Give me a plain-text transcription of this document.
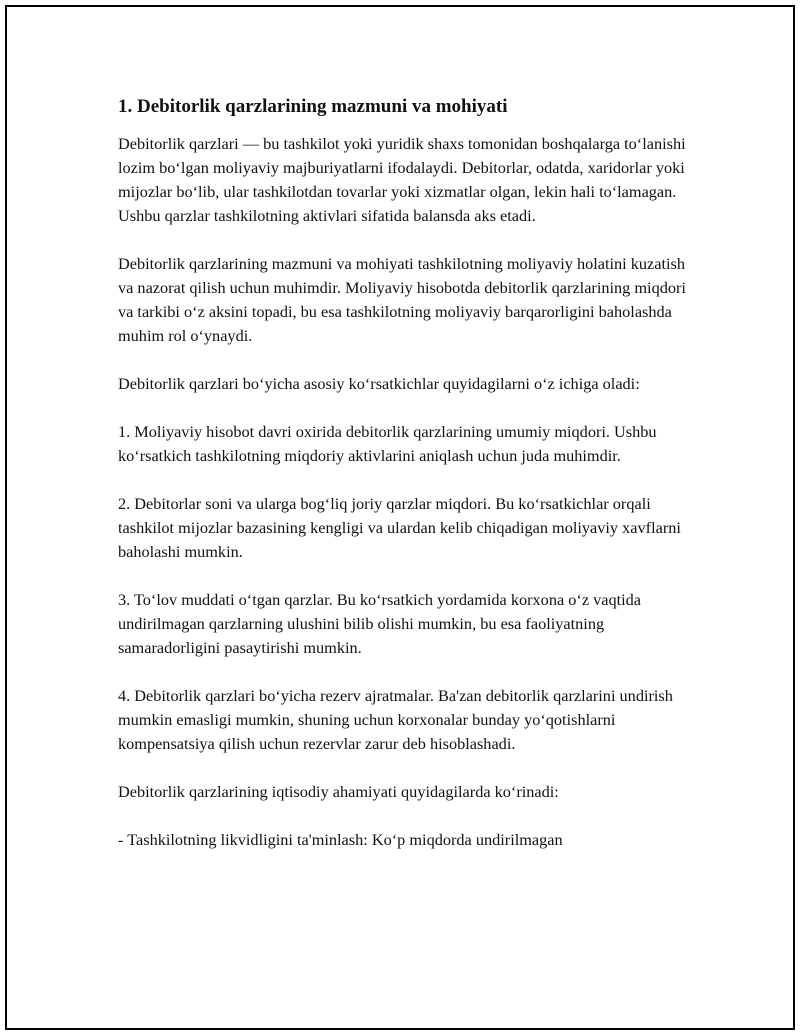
1. Debitorlik qarzlarining mazmuni va mohiyati

Debitorlik qarzlari — bu tashkilot yoki yuridik shaxs tomonidan boshqalarga to‘lanishi lozim bo‘lgan moliyaviy majburiyatlarni ifodalaydi. Debitorlar, odatda, xaridorlar yoki mijozlar bo‘lib, ular tashkilotdan tovarlar yoki xizmatlar olgan, lekin hali to‘lamagan. Ushbu qarzlar tashkilotning aktivlari sifatida balansda aks etadi.

Debitorlik qarzlarining mazmuni va mohiyati tashkilotning moliyaviy holatini kuzatish va nazorat qilish uchun muhimdir. Moliyaviy hisobotda debitorlik qarzlarining miqdori va tarkibi o‘z aksini topadi, bu esa tashkilotning moliyaviy barqarorligini baholashda muhim rol o‘ynaydi.

Debitorlik qarzlari bo‘yicha asosiy ko‘rsatkichlar quyidagilarni o‘z ichiga oladi:

1. Moliyaviy hisobot davri oxirida debitorlik qarzlarining umumiy miqdori. Ushbu ko‘rsatkich tashkilotning miqdoriy aktivlarini aniqlash uchun juda muhimdir.

2. Debitorlar soni va ularga bog‘liq joriy qarzlar miqdori. Bu ko‘rsatkichlar orqali tashkilot mijozlar bazasining kengligi va ulardan kelib chiqadigan moliyaviy xavflarni baholashi mumkin.

3. To‘lov muddati o‘tgan qarzlar. Bu ko‘rsatkich yordamida korxona o‘z vaqtida undirilmagan qarzlarning ulushini bilib olishi mumkin, bu esa faoliyatning samaradorligini pasaytirishi mumkin.

4. Debitorlik qarzlari bo‘yicha rezerv ajratmalar. Ba'zan debitorlik qarzlarini undirish mumkin emasligi mumkin, shuning uchun korxonalar bunday yo‘qotishlarni kompensatsiya qilish uchun rezervlar zarur deb hisoblashadi.

Debitorlik qarzlarining iqtisodiy ahamiyati quyidagilarda ko‘rinadi:

- Tashkilotning likvidligini ta'minlash: Ko‘p miqdorda undirilmagan
